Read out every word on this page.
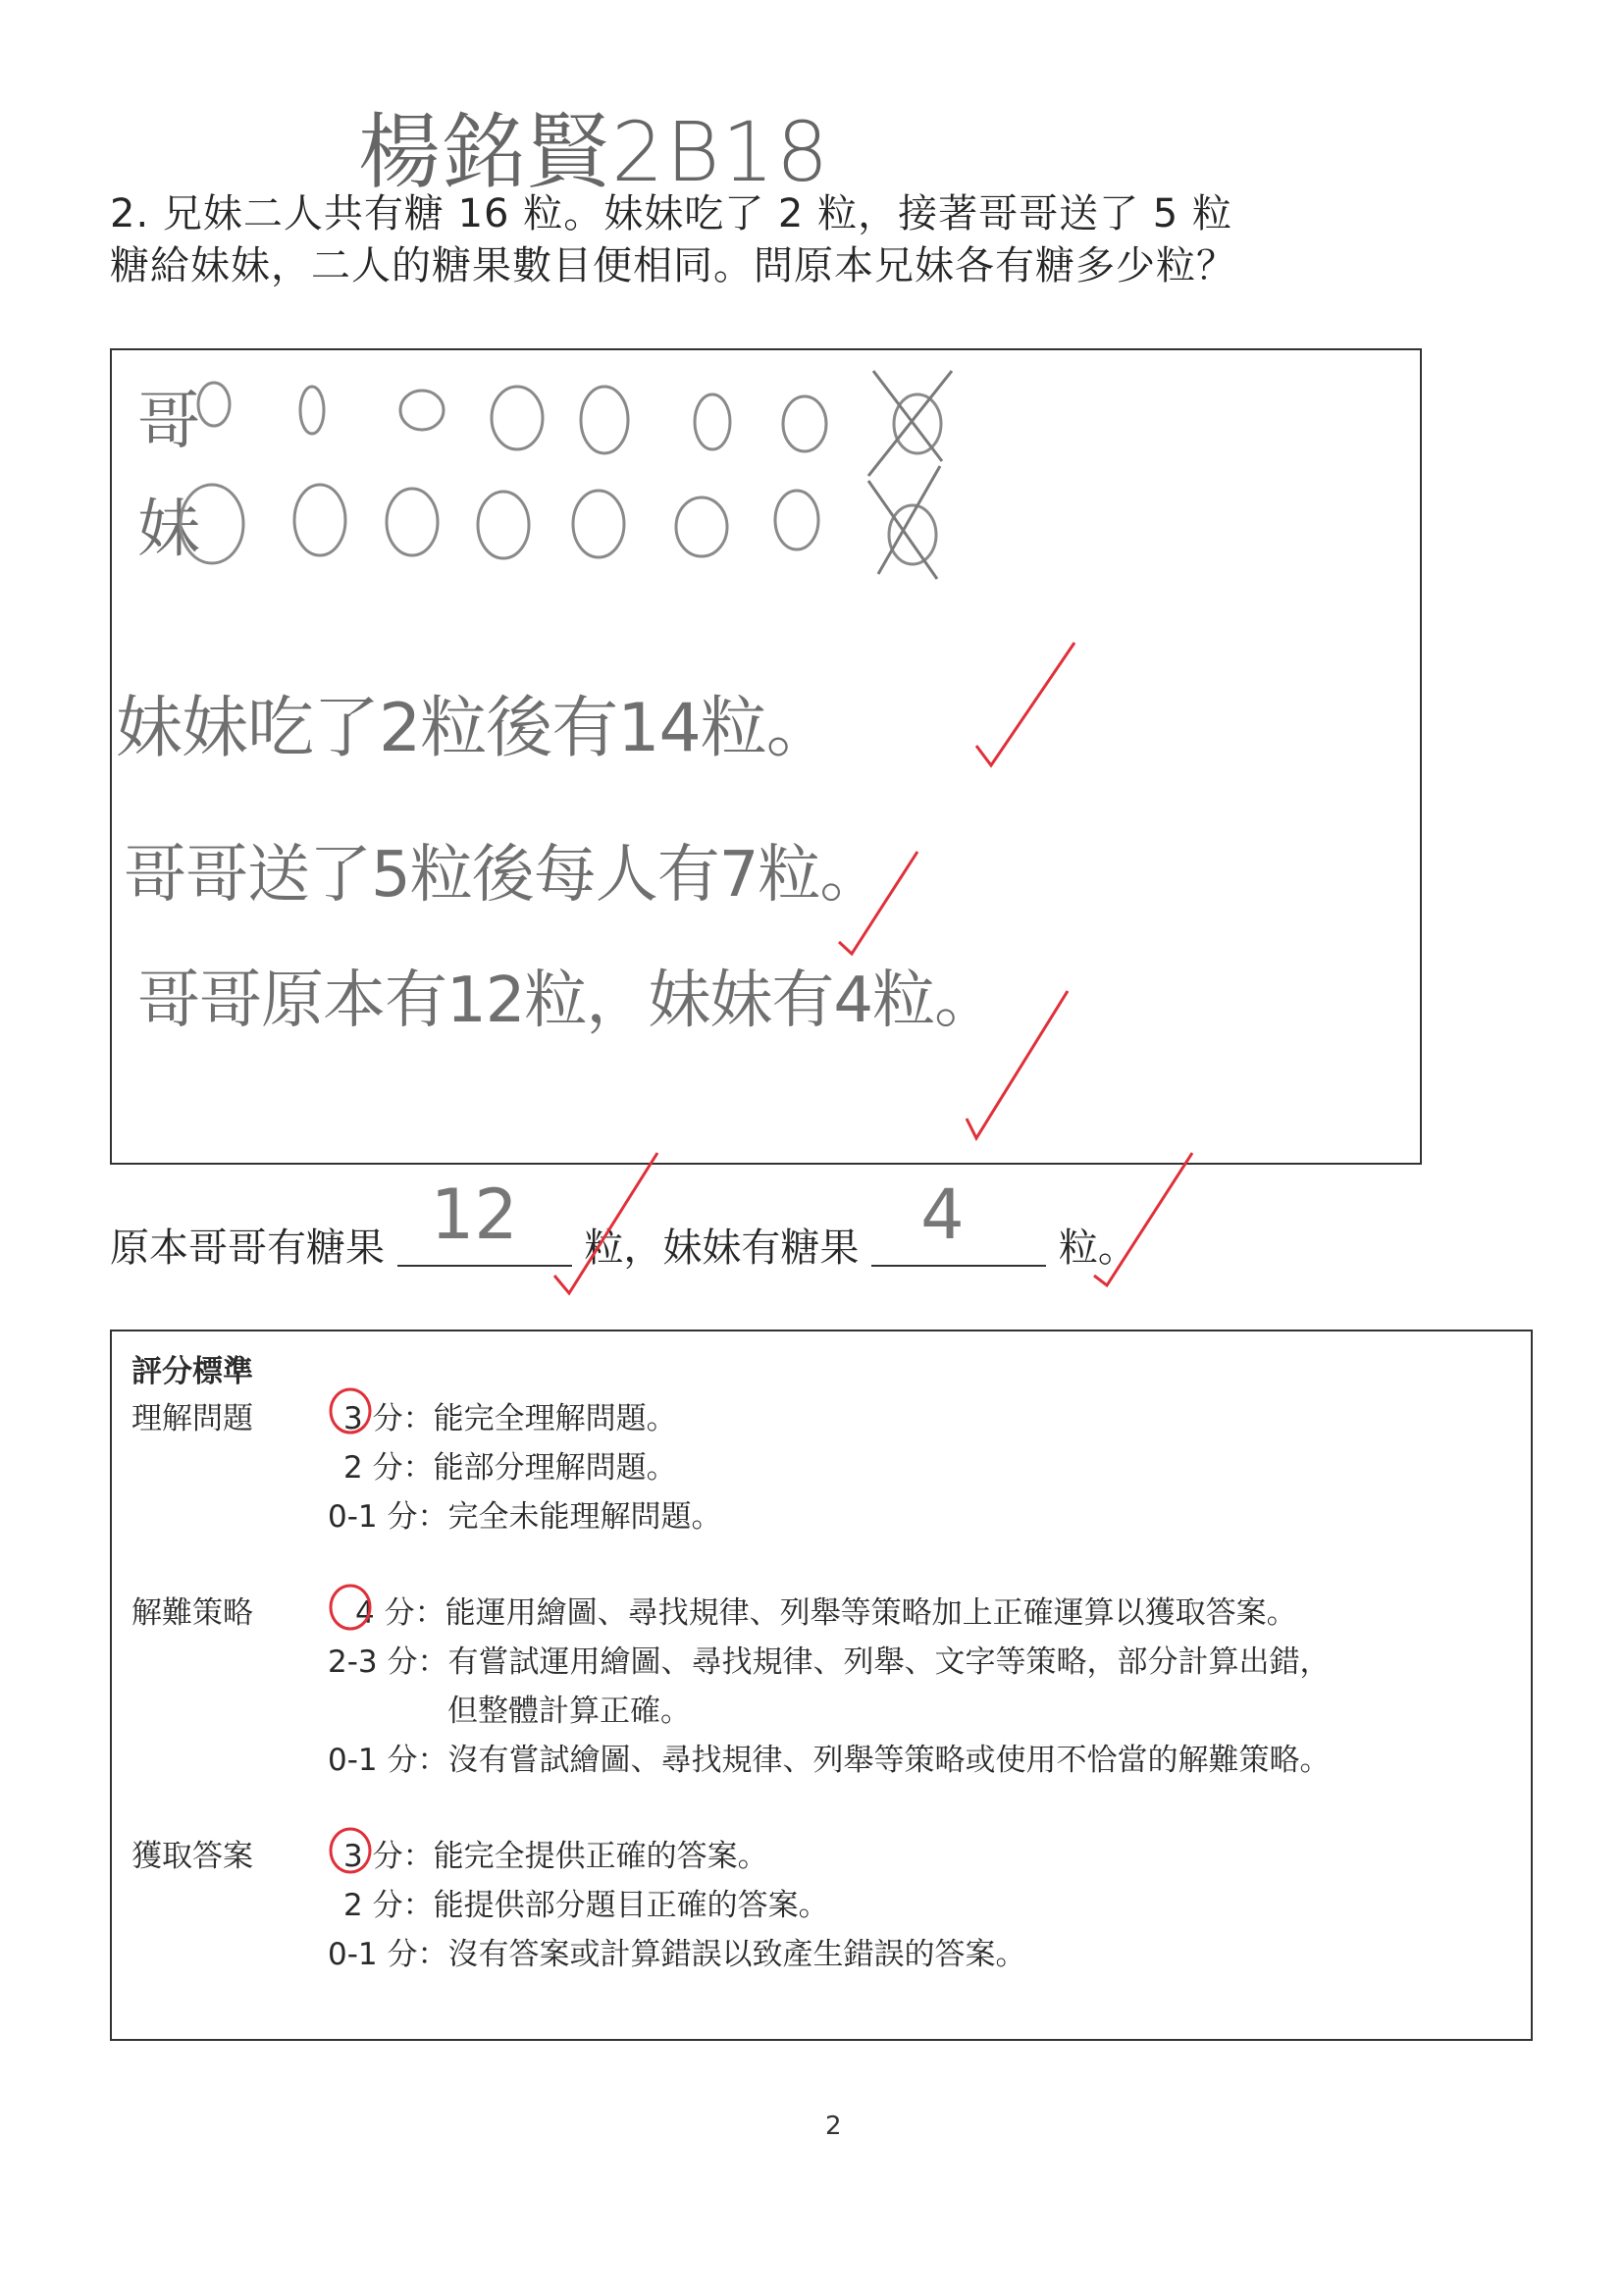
楊銘賢2B18
2. 兄妹二人共有糖 16 粒。妹妹吃了 2 粒，接著哥哥送了 5 粒
糖給妹妹，二人的糖果數目便相同。問原本兄妹各有糖多少粒？
哥
妹
妹妹吃了2粒後有14粒。
哥哥送了5粒後每人有7粒。
哥哥原本有12粒，妹妹有4粒。
原本哥哥有糖果 12 粒，妹妹有糖果 4 粒。
評分標準
理解問題	3 分：能完全理解問題。
2 分：能部分理解問題。
0-1 分：完全未能理解問題。
解難策略	4 分：能運用繪圖、尋找規律、列舉等策略加上正確運算以獲取答案。
2-3 分：有嘗試運用繪圖、尋找規律、列舉、文字等策略，部分計算出錯，
但整體計算正確。
0-1 分：沒有嘗試繪圖、尋找規律、列舉等策略或使用不恰當的解難策略。
獲取答案	3 分：能完全提供正確的答案。
2 分：能提供部分題目正確的答案。
0-1 分：沒有答案或計算錯誤以致產生錯誤的答案。
2
